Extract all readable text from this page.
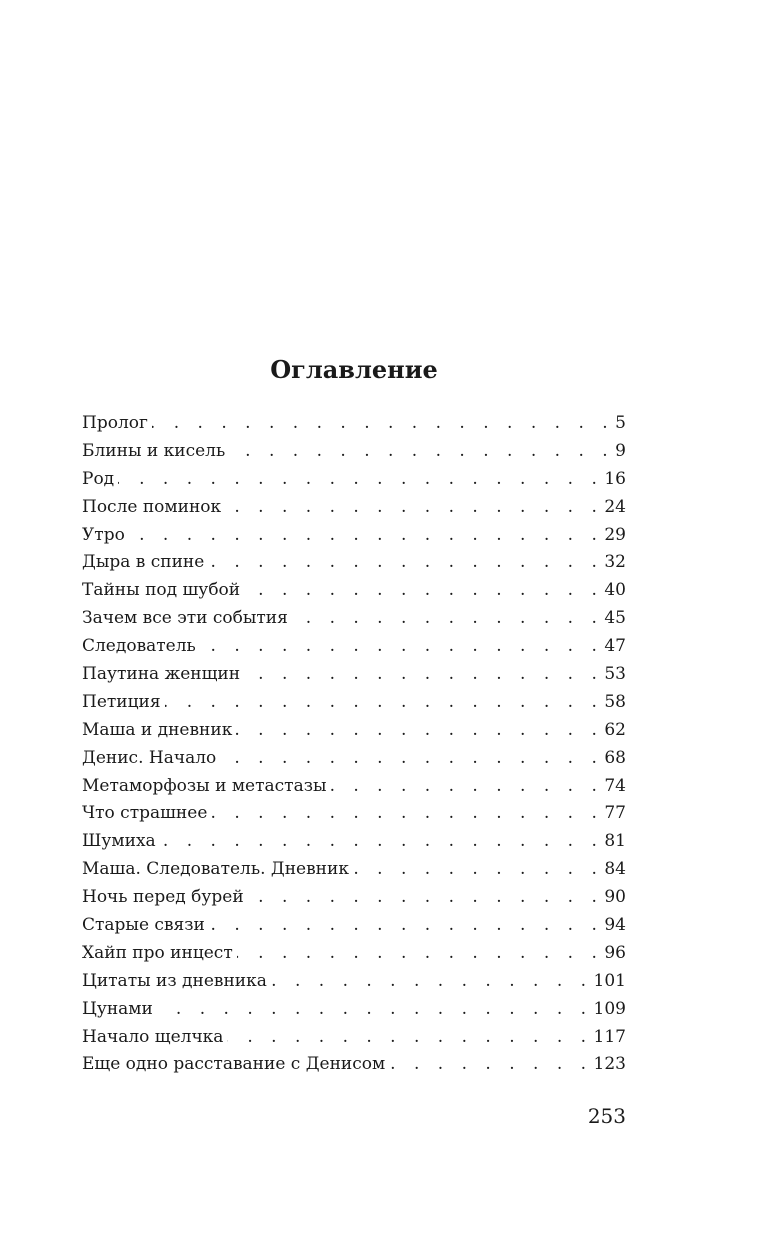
Оглавление
Пролог . . .	5
Блины и кисель . . .	9
Род . . .	16
После поминок . . .	24
Утро . . .	29
Дыра в спине . . .	32
Тайны под шубой . . .	40
Зачем все эти события . . .	45
Следователь . . .	47
Паутина женщин . . .	53
Петиция . . .	58
Маша и дневник . . .	62
Денис. Начало . . .	68
Метаморфозы и метастазы . . .	74
Что страшнее . . .	77
Шумиха . . .	81
Маша. Следователь. Дневник . . .	84
Ночь перед бурей . . .	90
Старые связи . . .	94
Хайп про инцест . . .	96
Цитаты из дневника . . .	101
Цунами . . .	109
Начало щелчка . . .	117
Еще одно расставание с Денисом . . .	123
253
